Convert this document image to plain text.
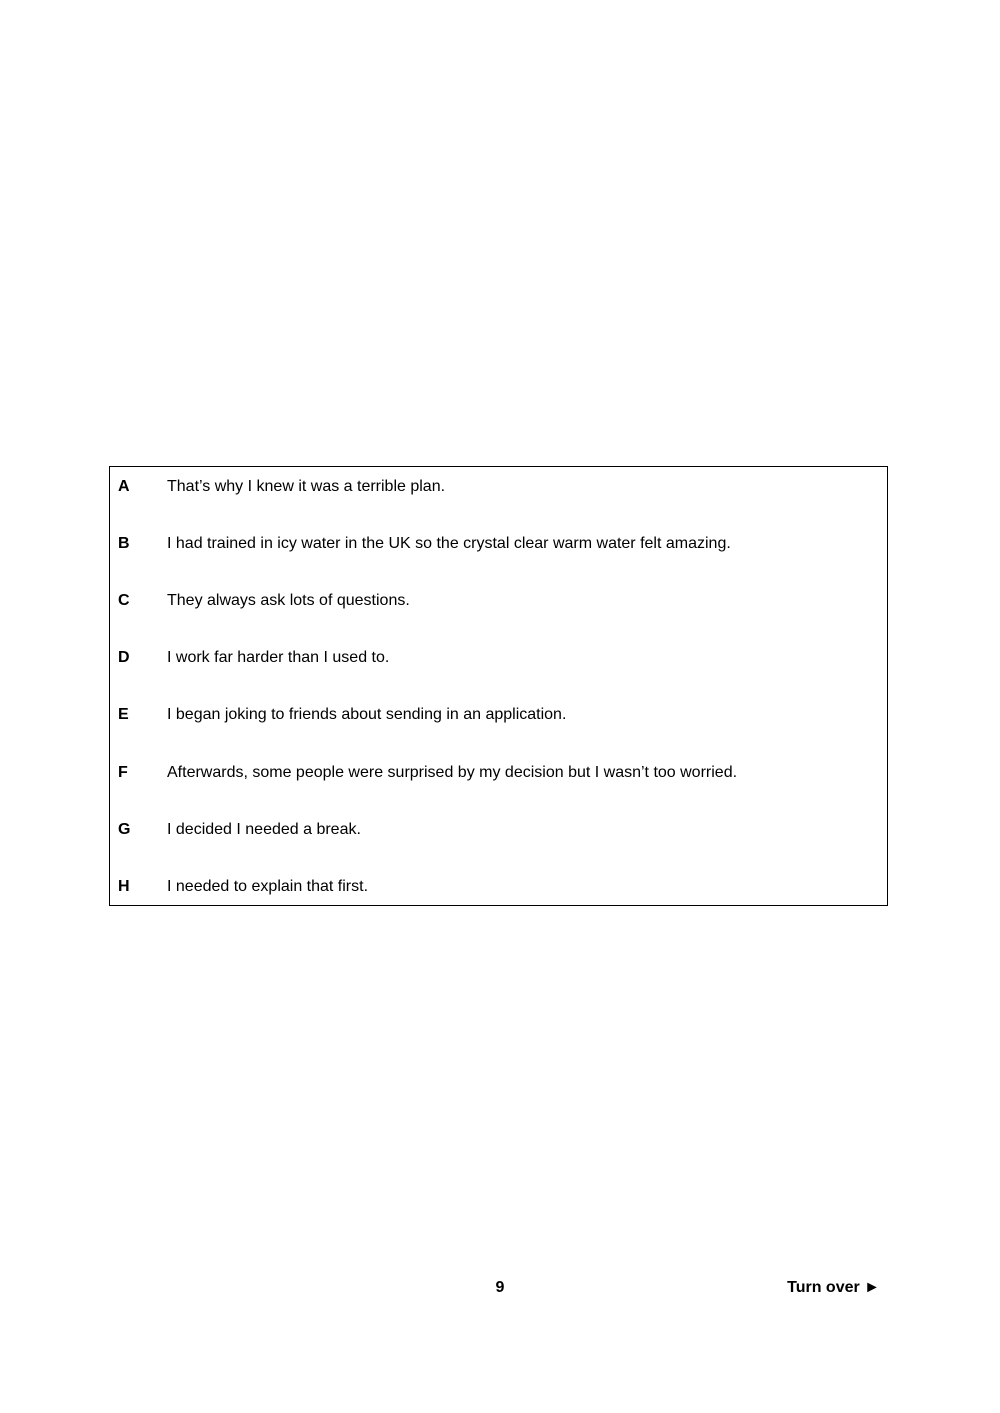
A That’s why I knew it was a terrible plan.
B I had trained in icy water in the UK so the crystal clear warm water felt amazing.
C They always ask lots of questions.
D I work far harder than I used to.
E I began joking to friends about sending in an application.
F Afterwards, some people were surprised by my decision but I wasn’t too worried.
G I decided I needed a break.
H I needed to explain that first.
9	Turn over ►
